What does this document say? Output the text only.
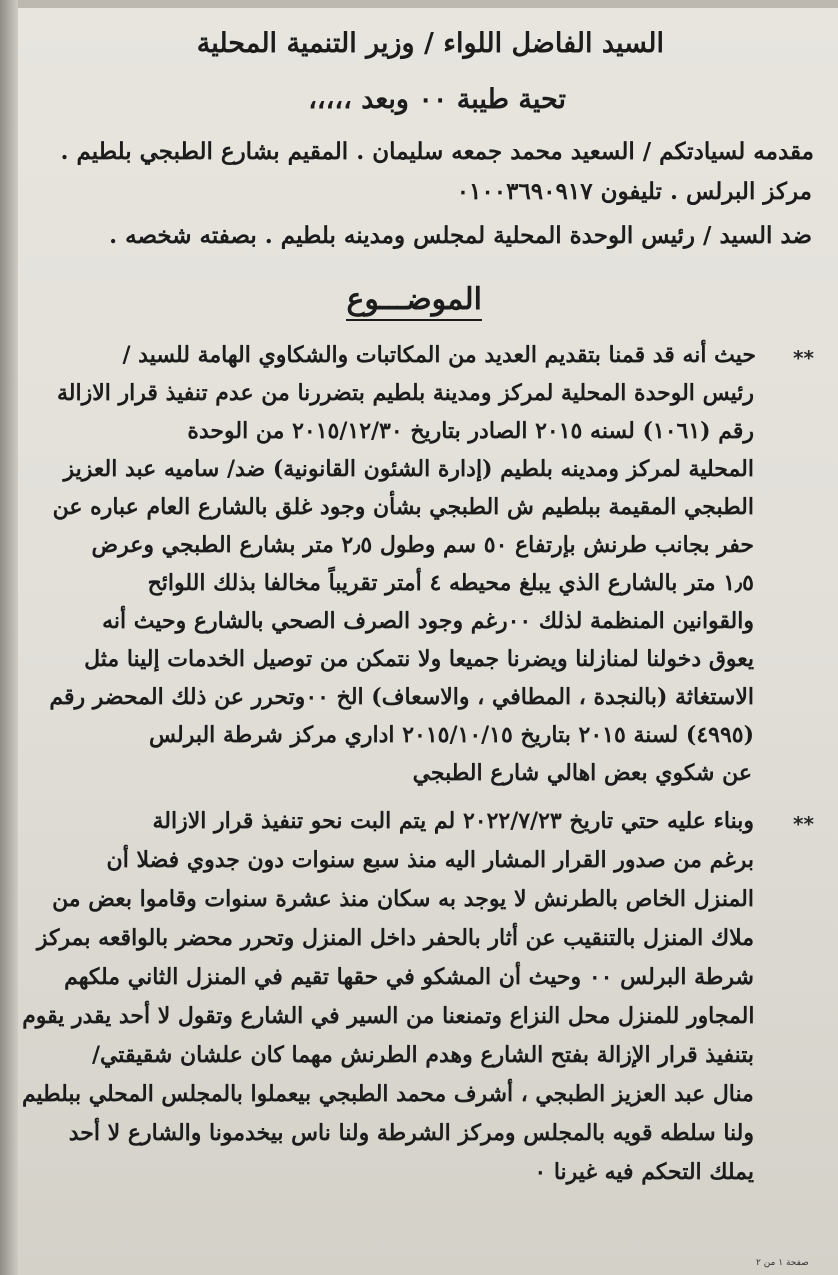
السيد الفاضل اللواء / وزير التنمية المحلية
تحية طيبة ٠٠ وبعد ،،،،،
مقدمه لسيادتكم / السعيد محمد جمعه سليمان . المقيم بشارع الطبجي بلطيم .
مركز البرلس . تليفون ٠١٠٠٣٦٩٠٩١٧
ضد السيد / رئيس الوحدة المحلية لمجلس ومدينه بلطيم . بصفته شخصه .
الموضـــوع
**
حيث أنه قد قمنا بتقديم العديد من المكاتبات والشكاوي الهامة للسيد /
رئيس الوحدة المحلية لمركز ومدينة بلطيم بتضررنا من عدم تنفيذ قرار الازالة
رقم (١٠٦١) لسنه ٢٠١٥ الصادر بتاريخ ٢٠١٥/١٢/٣٠ من الوحدة
المحلية لمركز ومدينه بلطيم (إدارة الشئون القانونية) ضد/ ساميه عبد العزيز
الطبجي المقيمة ببلطيم ش الطبجي بشأن وجود غلق بالشارع العام عباره عن
حفر بجانب طرنش بإرتفاع ٥٠ سم وطول ٢٫٥ متر بشارع الطبجي وعرض
١٫٥ متر بالشارع الذي يبلغ محيطه ٤ أمتر تقريباً مخالفا بذلك اللوائح
والقوانين المنظمة لذلك ٠٠رغم وجود الصرف الصحي بالشارع وحيث أنه
يعوق دخولنا لمنازلنا ويضرنا جميعا ولا نتمكن من توصيل الخدمات إلينا مثل
الاستغاثة (بالنجدة ، المطافي ، والاسعاف) الخ ٠٠وتحرر عن ذلك المحضر رقم
(٤٩٩٥) لسنة ٢٠١٥ بتاريخ ٢٠١٥/١٠/١٥ اداري مركز شرطة البرلس
عن شكوي بعض اهالي شارع الطبجي
**
وبناء عليه حتي تاريخ ٢٠٢٢/٧/٢٣ لم يتم البت نحو تنفيذ قرار الازالة
برغم من صدور القرار المشار اليه منذ سبع سنوات دون جدوي فضلا أن
المنزل الخاص بالطرنش لا يوجد به سكان منذ عشرة سنوات وقاموا بعض من
ملاك المنزل بالتنقيب عن أثار بالحفر داخل المنزل وتحرر محضر بالواقعه بمركز
شرطة البرلس ٠٠ وحيث أن المشكو في حقها تقيم في المنزل الثاني ملكهم
المجاور للمنزل محل النزاع وتمنعنا من السير في الشارع وتقول لا أحد يقدر يقوم
بتنفيذ قرار الإزالة بفتح الشارع وهدم الطرنش مهما كان علشان شقيقتي/
منال عبد العزيز الطبجي ، أشرف محمد الطبجي بيعملوا بالمجلس المحلي ببلطيم
ولنا سلطه قويه بالمجلس ومركز الشرطة ولنا ناس بيخدمونا والشارع لا أحد
يملك التحكم فيه غيرنا ٠
صفحة ١ من ٢
